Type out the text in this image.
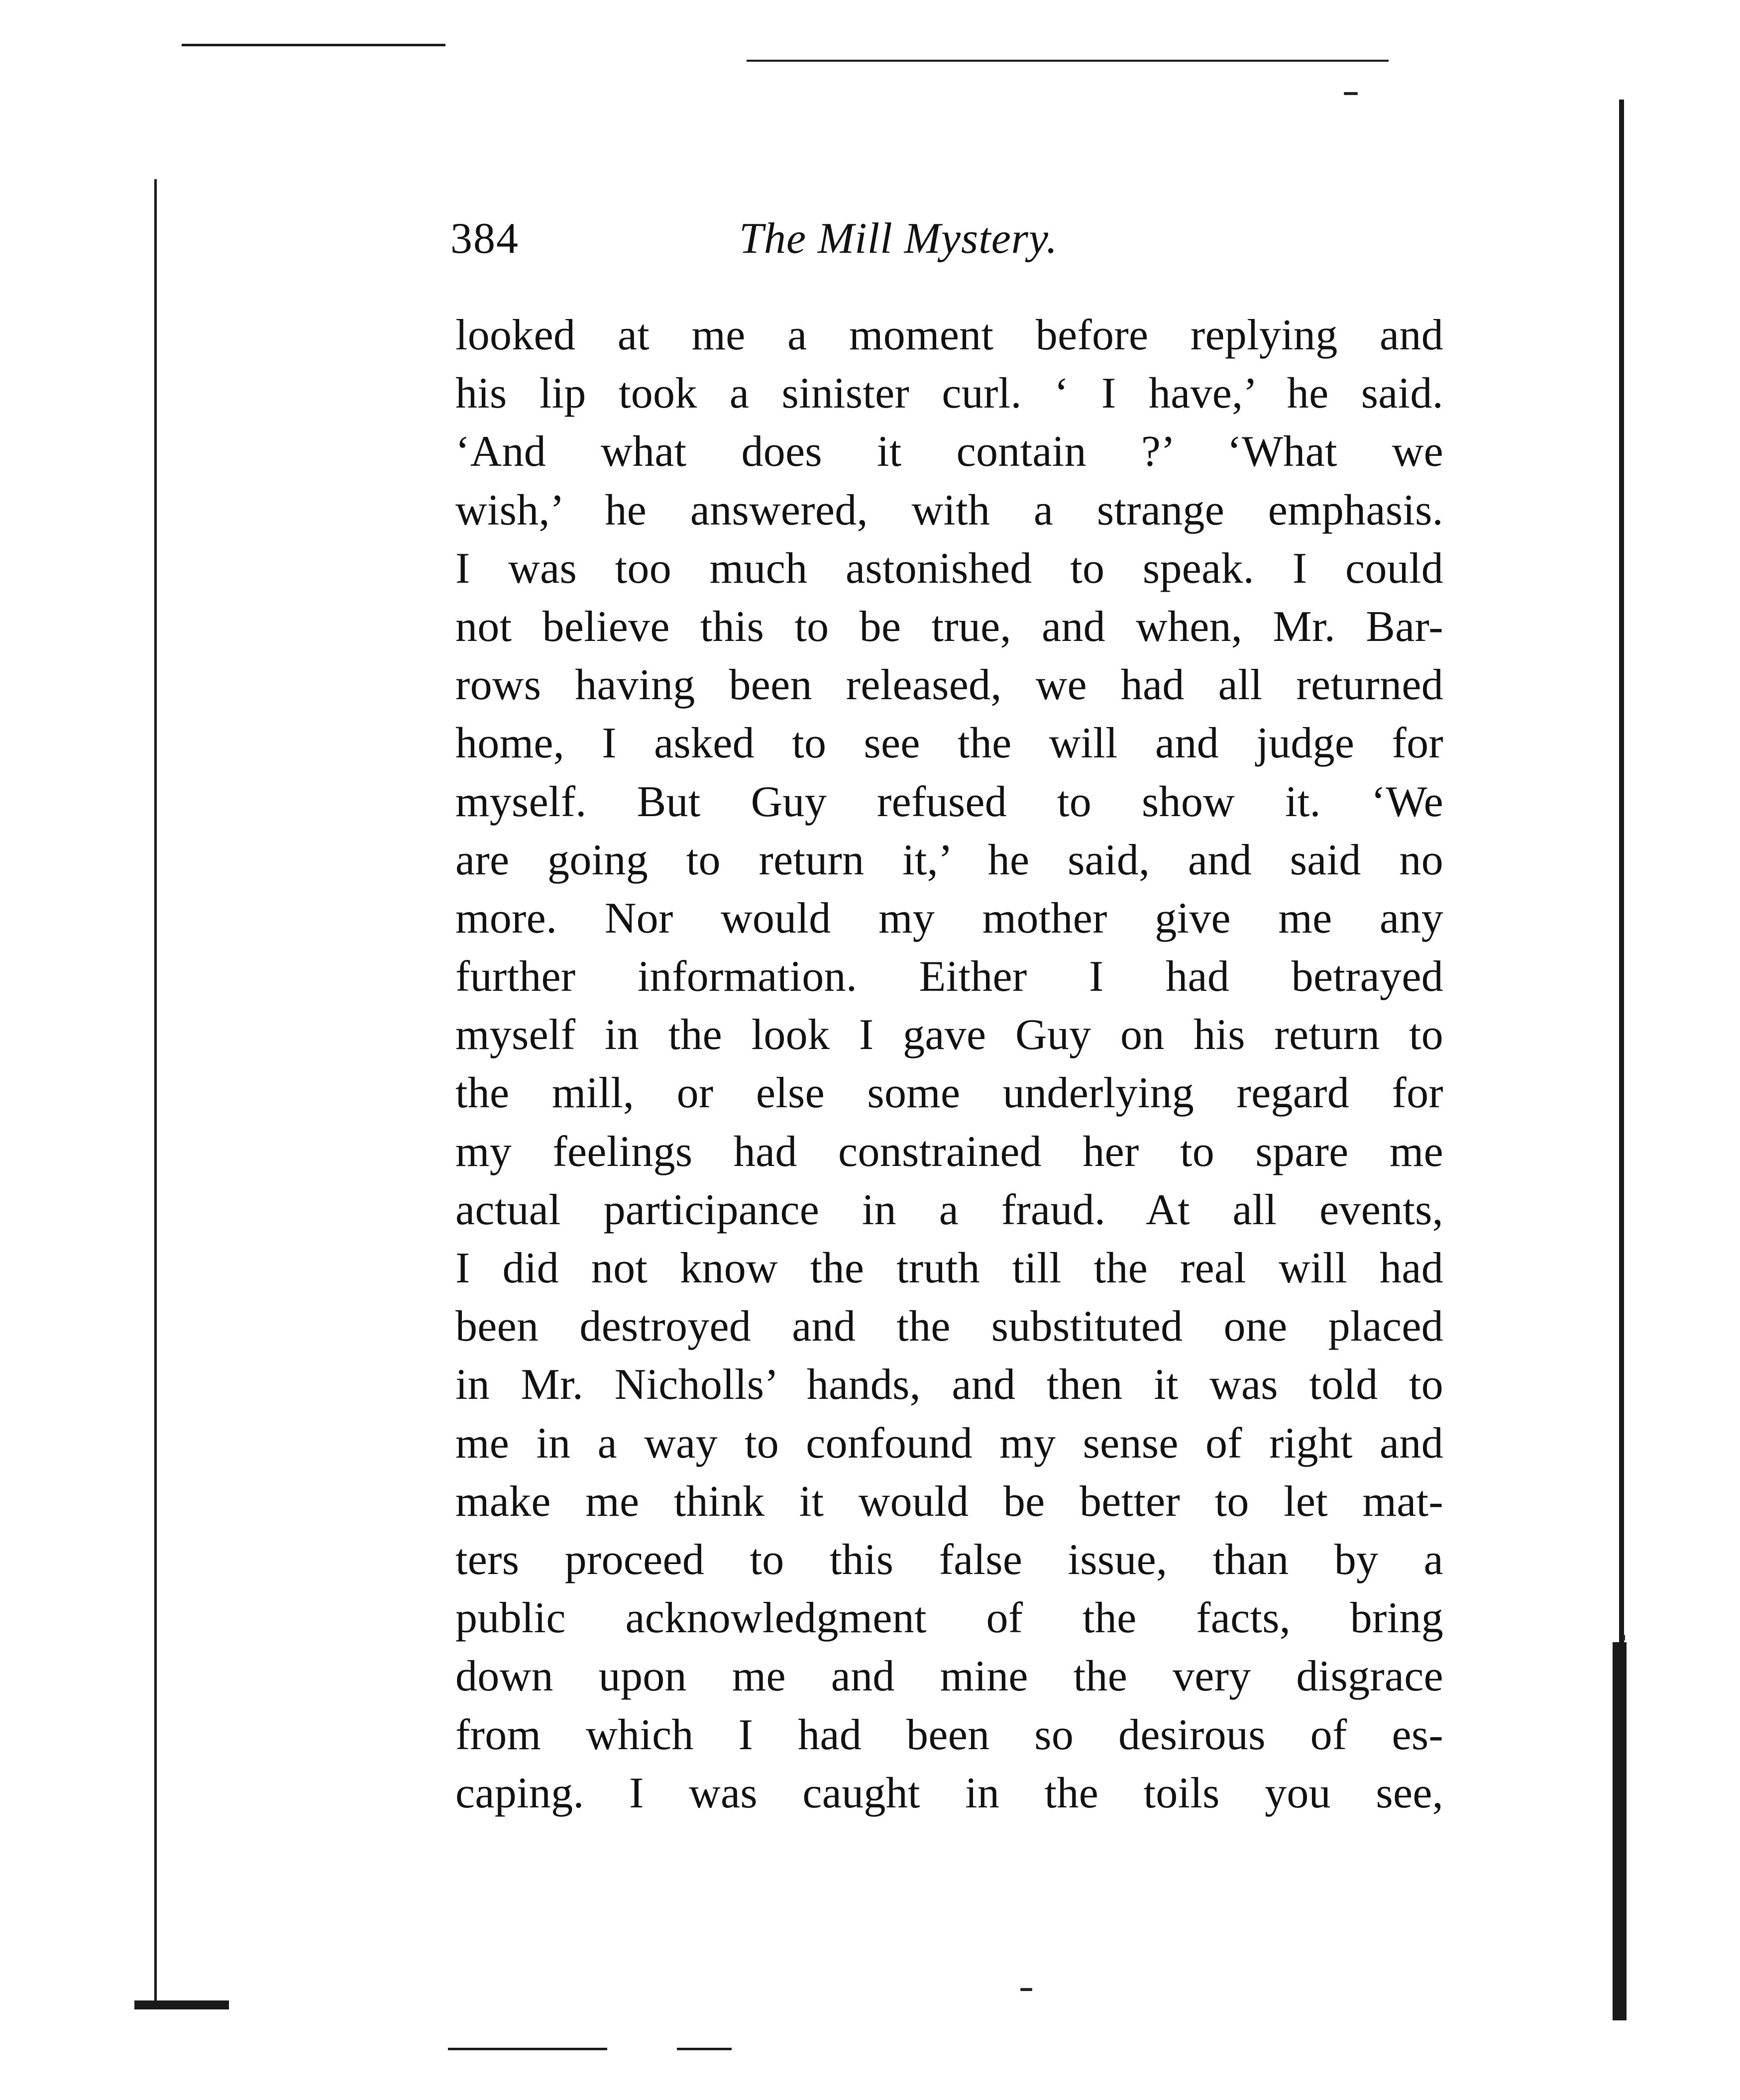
384	The Mill Mystery.
looked at me a moment before replying and
his lip took a sinister curl. ‘ I have,’ he said.
‘And what does it contain ?’ ‘What we
wish,’ he answered, with a strange emphasis.
I was too much astonished to speak. I could
not believe this to be true, and when, Mr. Bar-
rows having been released, we had all returned
home, I asked to see the will and judge for
myself. But Guy refused to show it. ‘We
are going to return it,’ he said, and said no
more. Nor would my mother give me any
further information. Either I had betrayed
myself in the look I gave Guy on his return to
the mill, or else some underlying regard for
my feelings had constrained her to spare me
actual participance in a fraud. At all events,
I did not know the truth till the real will had
been destroyed and the substituted one placed
in Mr. Nicholls’ hands, and then it was told to
me in a way to confound my sense of right and
make me think it would be better to let mat-
ters proceed to this false issue, than by a
public acknowledgment of the facts, bring
down upon me and mine the very disgrace
from which I had been so desirous of es-
caping. I was caught in the toils you see,
